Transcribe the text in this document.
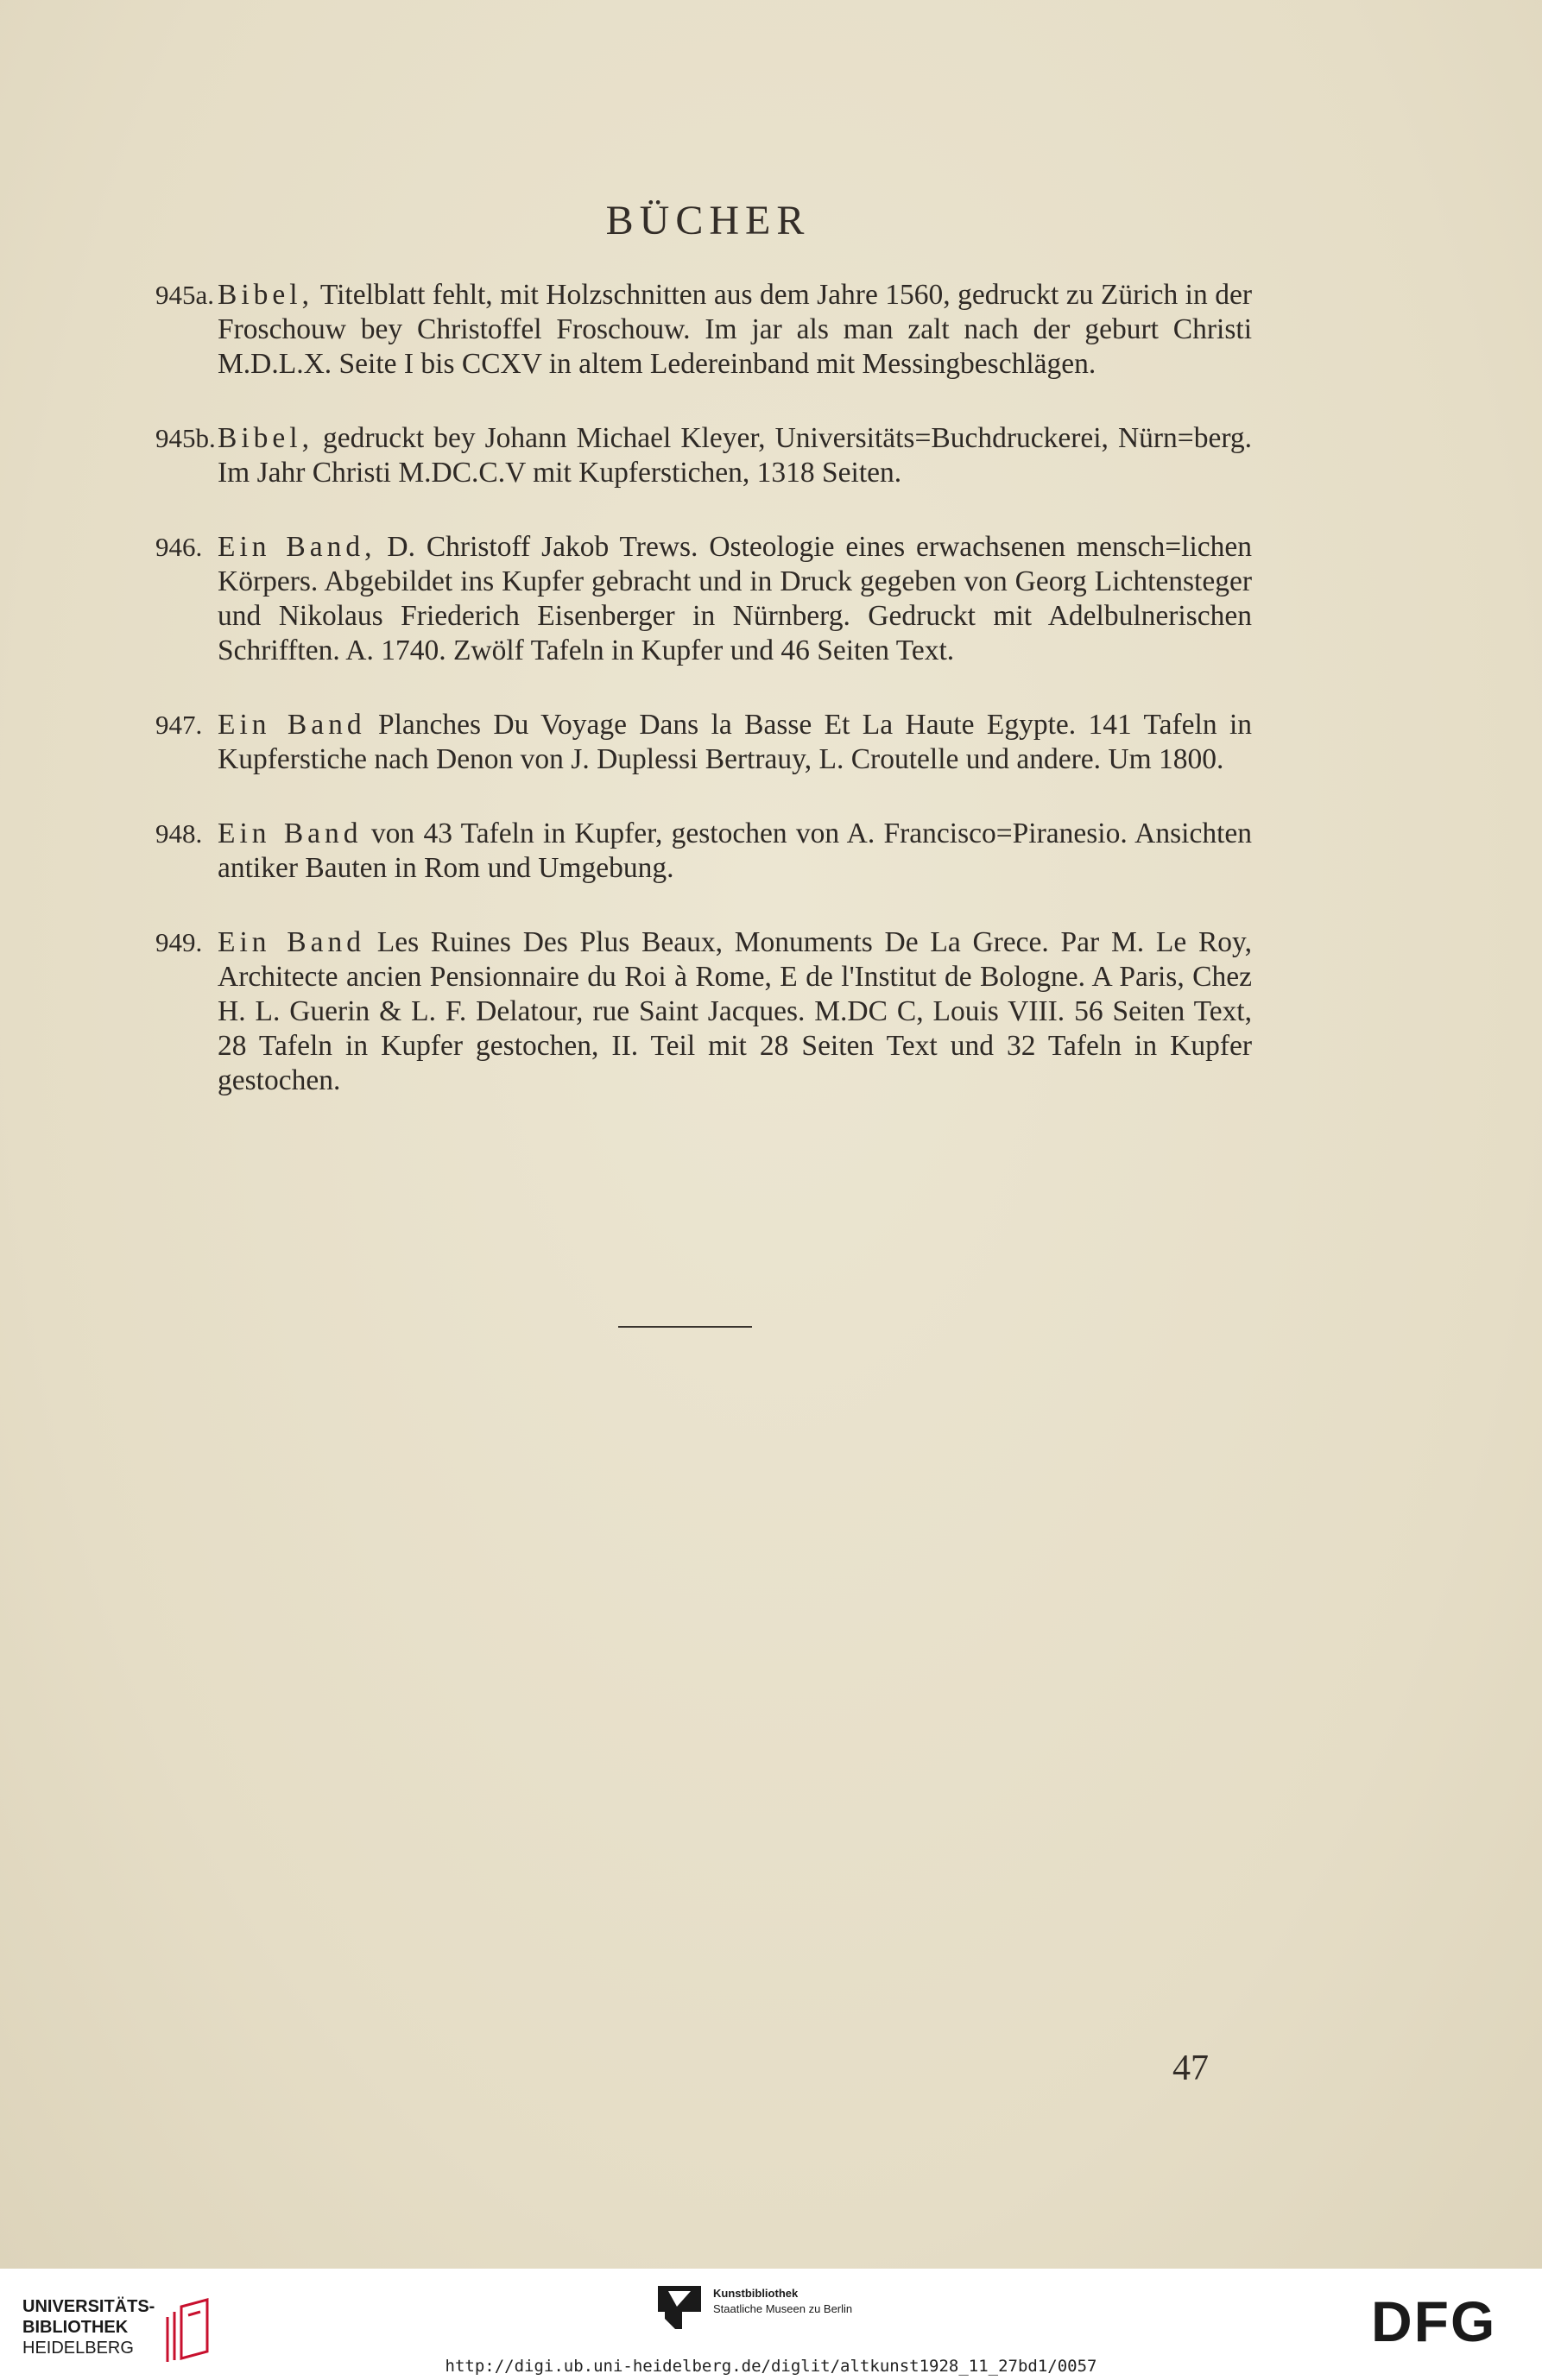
BÜCHER
945a. Bibel, Titelblatt fehlt, mit Holzschnitten aus dem Jahre 1560, gedruckt zu Zürich in der Froschouw bey Christoffel Froschouw. Im jar als man zalt nach der geburt Christi M.D.L.X. Seite I bis CCXV in altem Ledereinband mit Messingbeschlägen.
945b. Bibel, gedruckt bey Johann Michael Kleyer, Universitäts=Buchdruckerei, Nürn=berg. Im Jahr Christi M.DC.C.V mit Kupferstichen, 1318 Seiten.
946. Ein Band, D. Christoff Jakob Trews. Osteologie eines erwachsenen mensch=lichen Körpers. Abgebildet ins Kupfer gebracht und in Druck gegeben von Georg Lichtensteger und Nikolaus Friederich Eisenberger in Nürnberg. Gedruckt mit Adelbulnerischen Schrifften. A. 1740. Zwölf Tafeln in Kupfer und 46 Seiten Text.
947. Ein Band Planches Du Voyage Dans la Basse Et La Haute Egypte. 141 Tafeln in Kupferstiche nach Denon von J. Duplessi Bertrauy, L. Croutelle und andere. Um 1800.
948. Ein Band von 43 Tafeln in Kupfer, gestochen von A. Francisco=Piranesio. Ansichten antiker Bauten in Rom und Umgebung.
949. Ein Band Les Ruines Des Plus Beaux, Monuments De La Grece. Par M. Le Roy, Architecte ancien Pensionnaire du Roi à Rome, E de l'Institut de Bologne. A Paris, Chez H. L. Guerin & L. F. Delatour, rue Saint Jacques. M.DC C, Louis VIII. 56 Seiten Text, 28 Tafeln in Kupfer gestochen, II. Teil mit 28 Seiten Text und 32 Tafeln in Kupfer gestochen.
47
UNIVERSITÄTS-
BIBLIOTHEK
HEIDELBERG
Kunstbibliothek
Staatliche Museen zu Berlin	DFG
http://digi.ub.uni-heidelberg.de/diglit/altkunst1928_11_27bd1/0057
